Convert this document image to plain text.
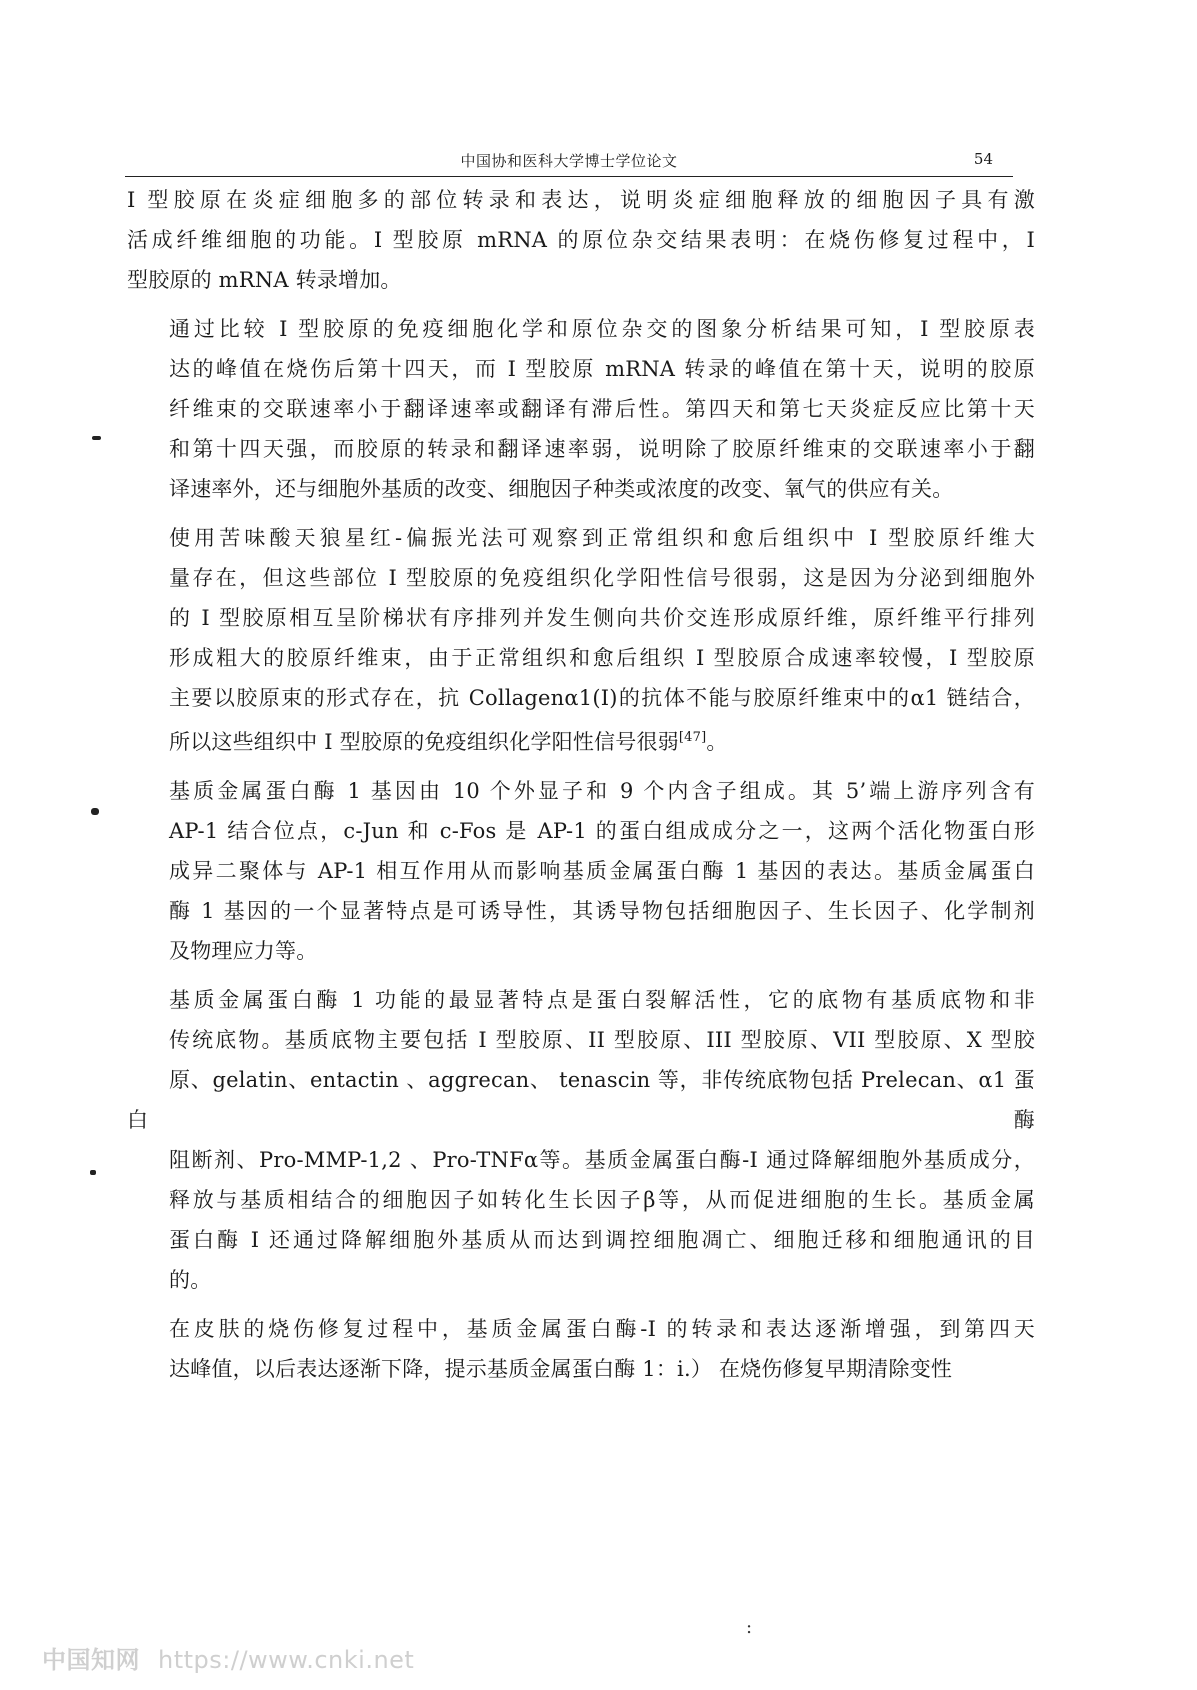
中国协和医科大学博士学位论文	54

I 型胶原在炎症细胞多的部位转录和表达，说明炎症细胞释放的细胞因子具有激
活成纤维细胞的功能。I 型胶原 mRNA 的原位杂交结果表明：在烧伤修复过程中，I
型胶原的 mRNA 转录增加。

通过比较 I 型胶原的免疫细胞化学和原位杂交的图象分析结果可知，I 型胶原表
达的峰值在烧伤后第十四天，而 I 型胶原 mRNA 转录的峰值在第十天，说明的胶原
纤维束的交联速率小于翻译速率或翻译有滞后性。第四天和第七天炎症反应比第十天
和第十四天强，而胶原的转录和翻译速率弱，说明除了胶原纤维束的交联速率小于翻
译速率外，还与细胞外基质的改变、细胞因子种类或浓度的改变、氧气的供应有关。

使用苦味酸天狼星红-偏振光法可观察到正常组织和愈后组织中 I 型胶原纤维大
量存在，但这些部位 I 型胶原的免疫组织化学阳性信号很弱，这是因为分泌到细胞外
的 I 型胶原相互呈阶梯状有序排列并发生侧向共价交连形成原纤维，原纤维平行排列
形成粗大的胶原纤维束，由于正常组织和愈后组织 I 型胶原合成速率较慢，I 型胶原
主要以胶原束的形式存在，抗 Collagenα1(I)的抗体不能与胶原纤维束中的α1 链结合，
所以这些组织中 I 型胶原的免疫组织化学阳性信号很弱[47]。

基质金属蛋白酶 1 基因由 10 个外显子和 9 个内含子组成。其 5’端上游序列含有
AP-1 结合位点，c-Jun 和 c-Fos 是 AP-1 的蛋白组成成分之一，这两个活化物蛋白形
成异二聚体与 AP-1 相互作用从而影响基质金属蛋白酶 1 基因的表达。基质金属蛋白
酶 1 基因的一个显著特点是可诱导性，其诱导物包括细胞因子、生长因子、化学制剂
及物理应力等。

基质金属蛋白酶 1 功能的最显著特点是蛋白裂解活性，它的底物有基质底物和非
传统底物。基质底物主要包括 I 型胶原、II 型胶原、III 型胶原、VII 型胶原、X 型胶
原、gelatin、entactin 、aggrecan、 tenascin 等，非传统底物包括 Prelecan、α1 蛋白酶
阻断剂、Pro-MMP-1,2 、Pro-TNFα等。基质金属蛋白酶-I 通过降解细胞外基质成分，
释放与基质相结合的细胞因子如转化生长因子β等，从而促进细胞的生长。基质金属
蛋白酶 I 还通过降解细胞外基质从而达到调控细胞凋亡、细胞迁移和细胞通讯的目
的。

在皮肤的烧伤修复过程中，基质金属蛋白酶-I 的转录和表达逐渐增强，到第四天
达峰值，以后表达逐渐下降，提示基质金属蛋白酶 1：i.） 在烧伤修复早期清除变性

:
中国知网 https://www.cnki.net
